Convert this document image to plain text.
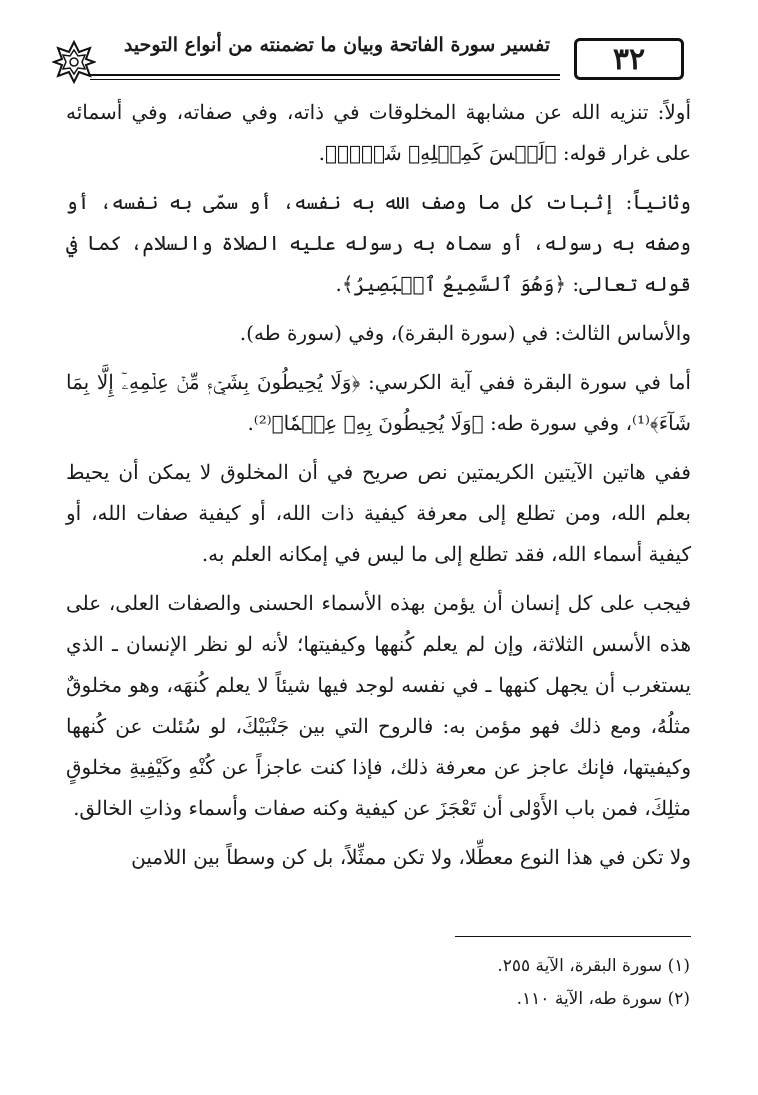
٣٢
تفسير سورة الفاتحة وبيان ما تضمنته من أنواع التوحيد

أولاً: تنزيه الله عن مشابهة المخلوقات في ذاته، وفي صفاته، وفي أسمائه على غرار قوله: ﴿لَيۡسَ كَمِثۡلِهِۦ شَيۡءٞ﴾.

وثانياً: إثبات كل ما وصف الله به نفسه، أو سمّى به نفسه، أو وصفه به رسوله، أو سماه به رسوله عليه الصلاة والسلام، كما في قوله تعالى: ﴿وَهُوَ ٱلسَّمِيعُ ٱلۡبَصِيرُ﴾.

والأساس الثالث: في (سورة البقرة)، وفي (سورة طه).

أما في سورة البقرة ففي آية الكرسي: ﴿وَلَا يُحِيطُونَ بِشَيۡءٖ مِّنۡ عِلۡمِهِۦٓ إِلَّا بِمَا شَآءَ﴾⁽¹⁾، وفي سورة طه: ﴿وَلَا يُحِيطُونَ بِهِۦ عِلۡمٗا﴾⁽²⁾.

ففي هاتين الآيتين الكريمتين نص صريح في أن المخلوق لا يمكن أن يحيط بعلم الله، ومن تطلع إلى معرفة كيفية ذات الله، أو كيفية صفات الله، أو كيفية أسماء الله، فقد تطلع إلى ما ليس في إمكانه العلم به.

فيجب على كل إنسان أن يؤمن بهذه الأسماء الحسنى والصفات العلى، على هذه الأسس الثلاثة، وإن لم يعلم كُنهها وكيفيتها؛ لأنه لو نظر الإنسان ـ الذي يستغرب أن يجهل كنهها ـ في نفسه لوجد فيها شيئاً لا يعلم كُنهَه، وهو مخلوقٌ مثلُهُ، ومع ذلك فهو مؤمن به: فالروح التي بين جَنْبَيْكَ، لو سُئلت عن كُنهها وكيفيتها، فإنك عاجز عن معرفة ذلك، فإذا كنت عاجزاً عن كُنْهِ وكَيْفِيةِ مخلوقٍ مثلِكَ، فمن باب الأَوْلى أن تَعْجَزَ عن كيفية وكنه صفات وأسماء وذاتِ الخالق.

ولا تكن في هذا النوع معطِّلا، ولا تكن ممثِّلاً، بل كن وسطاً بين اللامين

(١) سورة البقرة، الآية ٢٥٥.

(٢) سورة طه، الآية ١١٠.
